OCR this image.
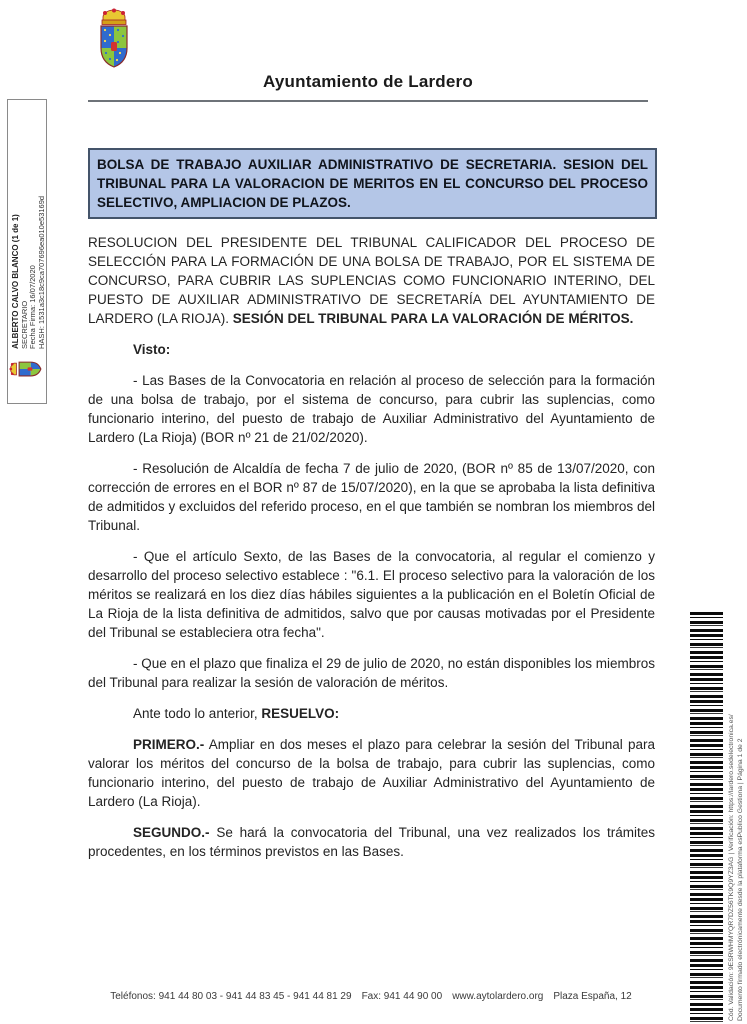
Ayuntamiento de Lardero
ALBERTO CALVO BLANCO (1 de 1) SECRETARIO Fecha Firma: 16/07/2020 HASH: 1531a3c18c9ca707696ea010e53169d
BOLSA DE TRABAJO AUXILIAR ADMINISTRATIVO DE SECRETARIA. SESION DEL TRIBUNAL PARA LA VALORACION DE MERITOS EN EL CONCURSO DEL PROCESO SELECTIVO, AMPLIACION DE PLAZOS.

RESOLUCION DEL PRESIDENTE DEL TRIBUNAL CALIFICADOR DEL PROCESO DE SELECCIÓN PARA LA FORMACIÓN DE UNA BOLSA DE TRABAJO, POR EL SISTEMA DE CONCURSO, PARA CUBRIR LAS SUPLENCIAS COMO FUNCIONARIO INTERINO, DEL PUESTO DE AUXILIAR ADMINISTRATIVO DE SECRETARÍA DEL AYUNTAMIENTO DE LARDERO (LA RIOJA). SESIÓN DEL TRIBUNAL PARA LA VALORACIÓN DE MÉRITOS.

Visto:

- Las Bases de la Convocatoria en relación al proceso de selección para la formación de una bolsa de trabajo, por el sistema de concurso, para cubrir las suplencias, como funcionario interino, del puesto de trabajo de Auxiliar Administrativo del Ayuntamiento de Lardero (La Rioja) (BOR nº 21 de 21/02/2020).

- Resolución de Alcaldía de fecha 7 de julio de 2020, (BOR nº 85 de 13/07/2020, con corrección de errores en el BOR nº 87 de 15/07/2020), en la que se aprobaba la lista definitiva de admitidos y excluidos del referido proceso, en el que también se nombran los miembros del Tribunal.

- Que el artículo Sexto, de las Bases de la convocatoria, al regular el comienzo y desarrollo del proceso selectivo establece : "6.1. El proceso selectivo para la valoración de los méritos se realizará en los diez días hábiles siguientes a la publicación en el Boletín Oficial de La Rioja de la lista definitiva de admitidos, salvo que por causas motivadas por el Presidente del Tribunal se estableciera otra fecha".

- Que en el plazo que finaliza el 29 de julio de 2020, no están disponibles los miembros del Tribunal para realizar la sesión de valoración de méritos.

Ante todo lo anterior, RESUELVO:

PRIMERO.- Ampliar en dos meses el plazo para celebrar la sesión del Tribunal para valorar los méritos del concurso de la bolsa de trabajo, para cubrir las suplencias, como funcionario interino, del puesto de trabajo de Auxiliar Administrativo del Ayuntamiento de Lardero (La Rioja).

SEGUNDO.- Se hará la convocatoria del Tribunal, una vez realizados los trámites procedentes, en los términos previstos en las Bases.	Cód. Validación: 9ESRWHMYQR7DZ56TK9Q9YZ3AG | Verificación: https://lardero.sedelectronica.es/ Documento firmado electrónicamente desde la plataforma esPublico Gestiona | Página 1 de 2
Teléfonos: 941 44 80 03 - 941 44 83 45 - 941 44 81 29 Fax: 941 44 90 00 www.aytolardero.org Plaza España, 12
